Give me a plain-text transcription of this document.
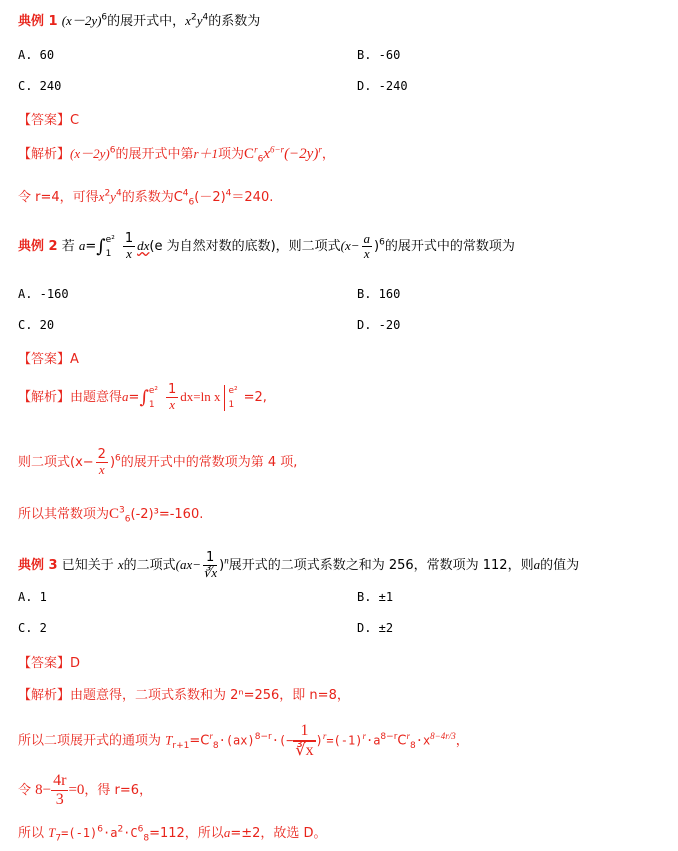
典例 1 $(x-2y)^6$的展开式中，$x^2y^4$的系数为
A. 60	B. -60
C. 240	D. -240
【答案】C
【解析】$(x-2y)^6$的展开式中第r＋1项为$C^r_6x^{6-r}(-2y)^r$，
令 r=4，可得$x^2y^4$的系数为$C^4_6(-2)^4=240$.
典例 2 若 a=∫ e²
$1 \frac{1}{x} dx(e$ 为自然对数的底数)，则二项式$(x- \frac{a}{x} )^6$的展开式中的常数项为
A. -160	B. 160
C. 20	D. -20
【答案】A
【解析】由题意得a=∫ e²
$1 \frac{1}{x} dx=\ln$ x e²
1 =2,
则二项式$(x- \frac{2}{x} )^6$的展开式中的常数项为第 4 项,
所以其常数项为$C^3_6(-2)^3=-160$.
典例 3 已知关于 x的二项式$(ax- \frac{1}{∛x} )^n$展开式的二项式系数之和为 256，常数项为 112，则a的值为
A. 1	B. ±1
C. 2	D. ±2
【答案】D
【解析】由题意得，二项式系数和为 2ⁿ=256，即 n=8，
所以二项展开式的通项为 $T_{r+1}=C^r_8\cdot(ax)^{8-r}\cdot(- \frac{1}{∛x} )^r=(-1)^r\cdot a^{8-r}C^r_8\cdot x^{8-4r/3}$，
令 $8- \frac{4r}{3} =0$，得 r=6，
所以 $T_7=(-1)^6\cdot a^2\cdot C^6_8=112$，所以a=±2，故选 D。
